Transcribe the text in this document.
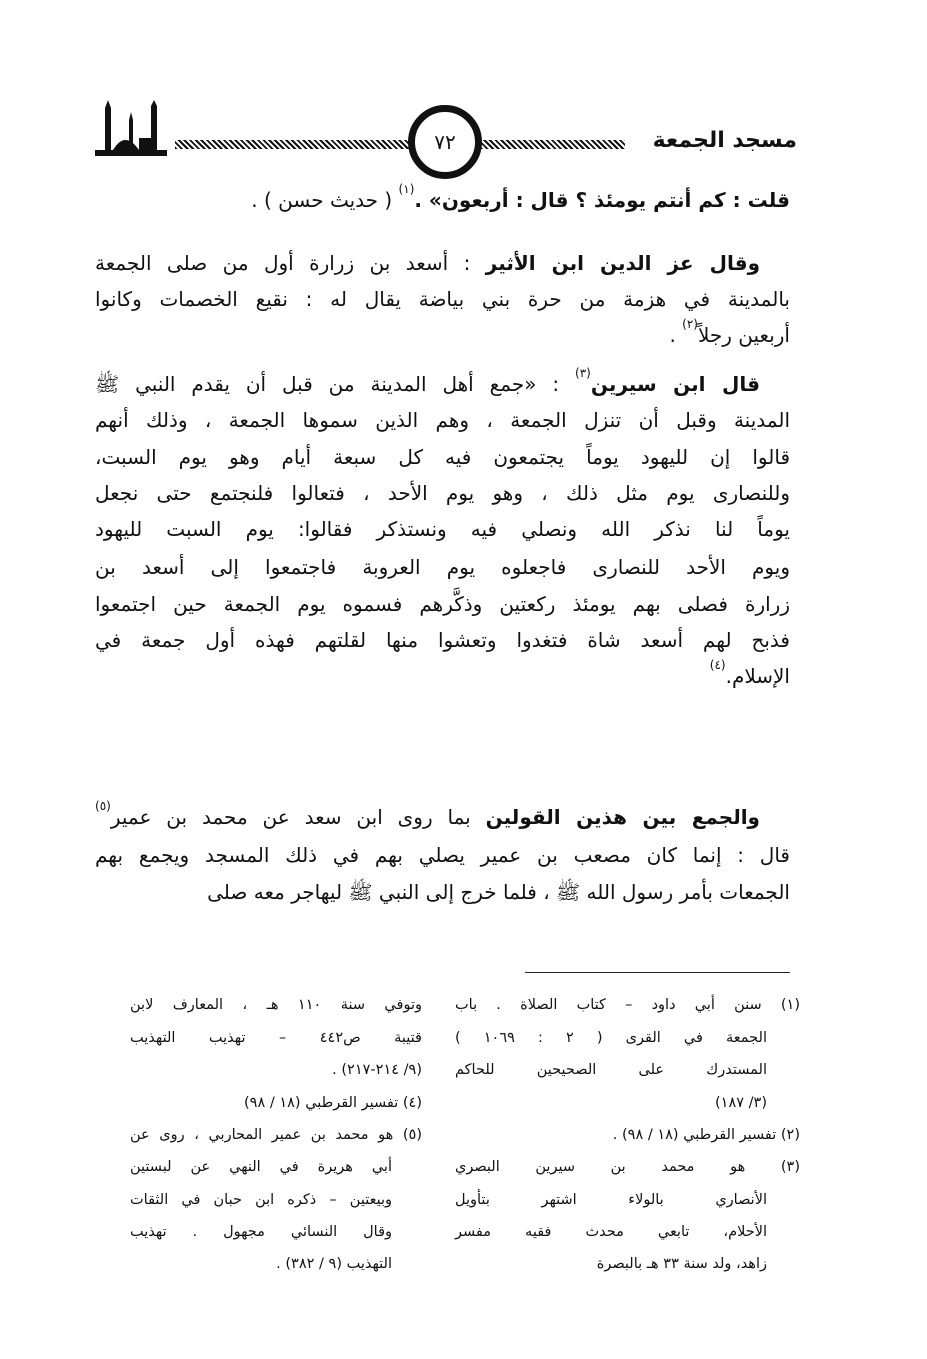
مسجد الجمعة
٧٢
قلت : كم أنتم يومئذ ؟ قال : أربعون» .$^{(١)}$ ( حديث حسن ) .
وقال عز الدين ابن الأثير : أسعد بن زرارة أول من صلى الجمعة
بالمدينة في هزمة من حرة بني بياضة يقال له : نقيع الخصمات وكانوا
أربعين رجلاً$^{(٢)}$ .
قال ابن سيرين$^{(٣)}$ : «جمع أهل المدينة من قبل أن يقدم النبي ﷺ
المدينة وقبل أن تنزل الجمعة ، وهم الذين سموها الجمعة ، وذلك أنهم
قالوا إن لليهود يوماً يجتمعون فيه كل سبعة أيام وهو يوم السبت،
وللنصارى يوم مثل ذلك ، وهو يوم الأحد ، فتعالوا فلنجتمع حتى نجعل
يوماً لنا نذكر الله ونصلي فيه ونستذكر فقالوا: يوم السبت لليهود
ويوم الأحد للنصارى فاجعلوه يوم العروبة فاجتمعوا إلى أسعد بن
زرارة فصلى بهم يومئذ ركعتين وذكَّرهم فسموه يوم الجمعة حين اجتمعوا
فذبح لهم أسعد شاة فتغدوا وتعشوا منها لقلتهم فهذه أول جمعة في
الإسلام.$^{(٤)}$
والجمع بين هذين القولين بما روى ابن سعد عن محمد بن عمير$^{(٥)}$
قال : إنما كان مصعب بن عمير يصلي بهم في ذلك المسجد ويجمع بهم
الجمعات بأمر رسول الله ﷺ ، فلما خرج إلى النبي ﷺ ليهاجر معه صلى
(١) سنن أبي داود – كتاب الصلاة . باب
الجمعة في القرى ( ٢ : ١٠٦٩ )
المستدرك على الصحيحين للحاكم
(٣/ ١٨٧)
(٢) تفسير القرطبي (١٨ / ٩٨) .
(٣) هو محمد بن سيرين البصري
الأنصاري بالولاء اشتهر بتأويل
الأحلام، تابعي محدث فقيه مفسر
زاهد، ولد سنة ٣٣ هـ بالبصرة
وتوفي سنة ١١٠ هـ ، المعارف لابن
قتيبة ص٤٤٢ – تهذيب التهذيب
(٩/ ٢١٤-٢١٧) .
(٤) تفسير القرطبي (١٨ / ٩٨)
(٥) هو محمد بن عمير المحاربي ، روى عن
أبي هريرة في النهي عن لبستين
وبيعتين – ذكره ابن حبان في الثقات
وقال النسائي مجهول . تهذيب
التهذيب (٩ / ٣٨٢) .
